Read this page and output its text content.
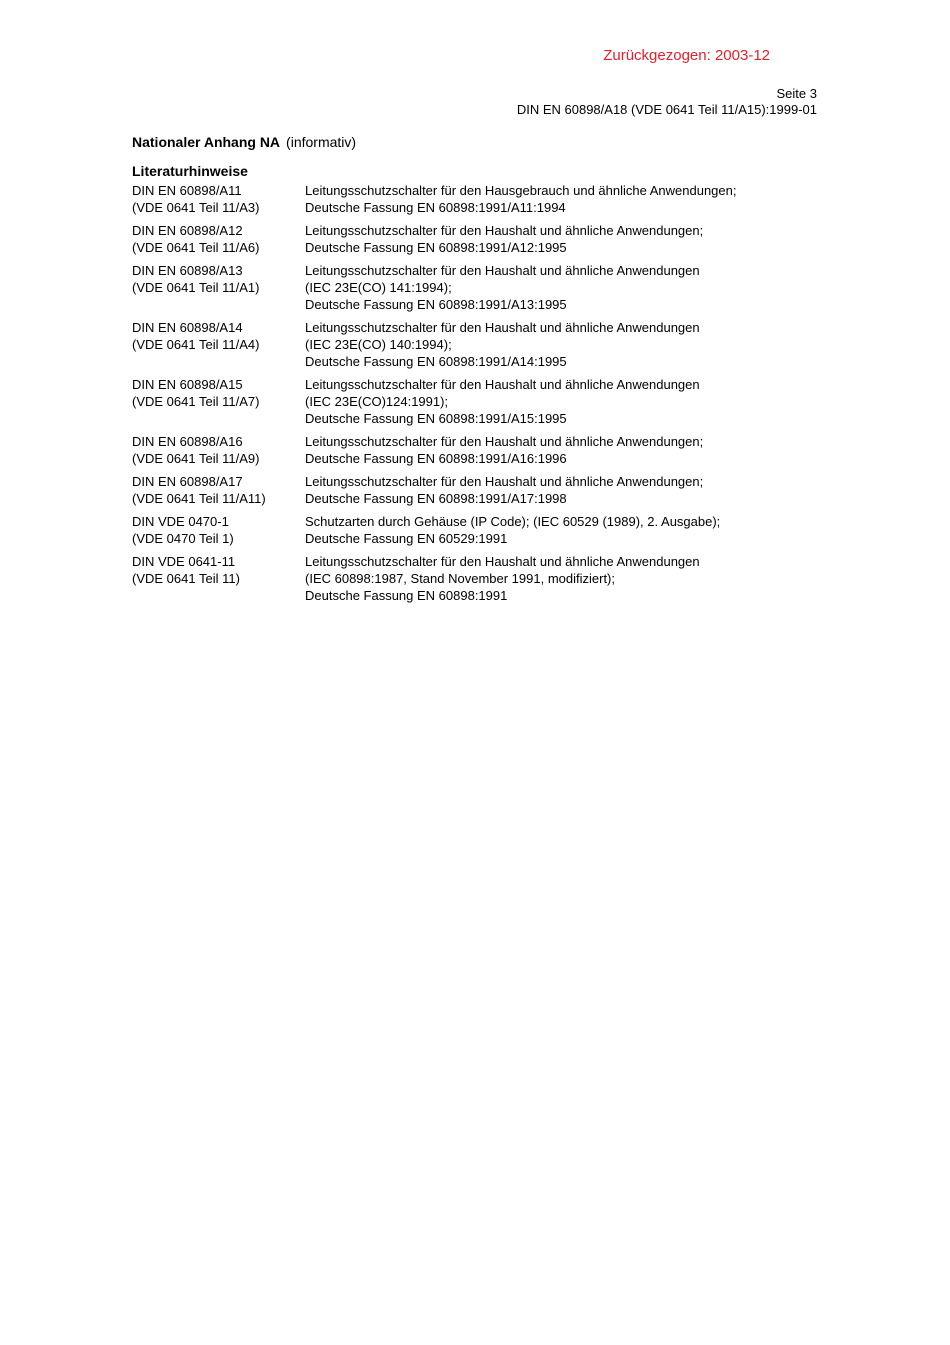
Zurückgezogen: 2003-12
Seite 3
DIN EN 60898/A18 (VDE 0641 Teil 11/A15):1999-01
Nationaler Anhang NA (informativ)
Literaturhinweise
DIN EN 60898/A11
(VDE 0641 Teil 11/A3)
Leitungsschutzschalter für den Hausgebrauch und ähnliche Anwendungen;
Deutsche Fassung EN 60898:1991/A11:1994
DIN EN 60898/A12
(VDE 0641 Teil 11/A6)
Leitungsschutzschalter für den Haushalt und ähnliche Anwendungen;
Deutsche Fassung EN 60898:1991/A12:1995
DIN EN 60898/A13
(VDE 0641 Teil 11/A1)
Leitungsschutzschalter für den Haushalt und ähnliche Anwendungen
(IEC 23E(CO) 141:1994);
Deutsche Fassung EN 60898:1991/A13:1995
DIN EN 60898/A14
(VDE 0641 Teil 11/A4)
Leitungsschutzschalter für den Haushalt und ähnliche Anwendungen
(IEC 23E(CO) 140:1994);
Deutsche Fassung EN 60898:1991/A14:1995
DIN EN 60898/A15
(VDE 0641 Teil 11/A7)
Leitungsschutzschalter für den Haushalt und ähnliche Anwendungen
(IEC 23E(CO)124:1991);
Deutsche Fassung EN 60898:1991/A15:1995
DIN EN 60898/A16
(VDE 0641 Teil 11/A9)
Leitungsschutzschalter für den Haushalt und ähnliche Anwendungen;
Deutsche Fassung EN 60898:1991/A16:1996
DIN EN 60898/A17
(VDE 0641 Teil 11/A11)
Leitungsschutzschalter für den Haushalt und ähnliche Anwendungen;
Deutsche Fassung EN 60898:1991/A17:1998
DIN VDE 0470-1
(VDE 0470 Teil 1)
Schutzarten durch Gehäuse (IP Code); (IEC 60529 (1989), 2. Ausgabe);
Deutsche Fassung EN 60529:1991
DIN VDE 0641-11
(VDE 0641 Teil 11)
Leitungsschutzschalter für den Haushalt und ähnliche Anwendungen
(IEC 60898:1987, Stand November 1991, modifiziert);
Deutsche Fassung EN 60898:1991
